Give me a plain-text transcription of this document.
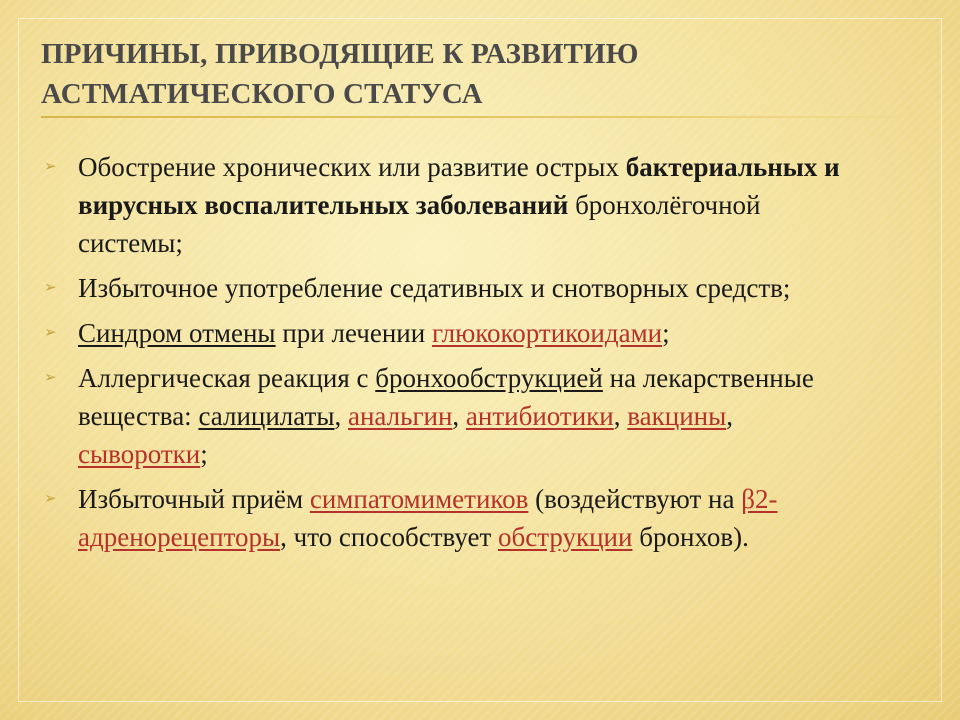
ПРИЧИНЫ, ПРИВОДЯЩИЕ К РАЗВИТИЮ
АСТМАТИЧЕСКОГО СТАТУСА
➢ Обострение хронических или развитие острых бактериальных и вирусных воспалительных заболеваний бронхолёгочной системы;
➢ Избыточное употребление седативных и снотворных средств;
➢ Синдром отмены при лечении глюкокортикоидами;
➢ Аллергическая реакция с бронхообструкцией на лекарственные вещества: салицилаты, анальгин, антибиотики, вакцины, сыворотки;
➢ Избыточный приём симпатомиметиков (воздействуют на β2-адренорецепторы, что способствует обструкции бронхов).
